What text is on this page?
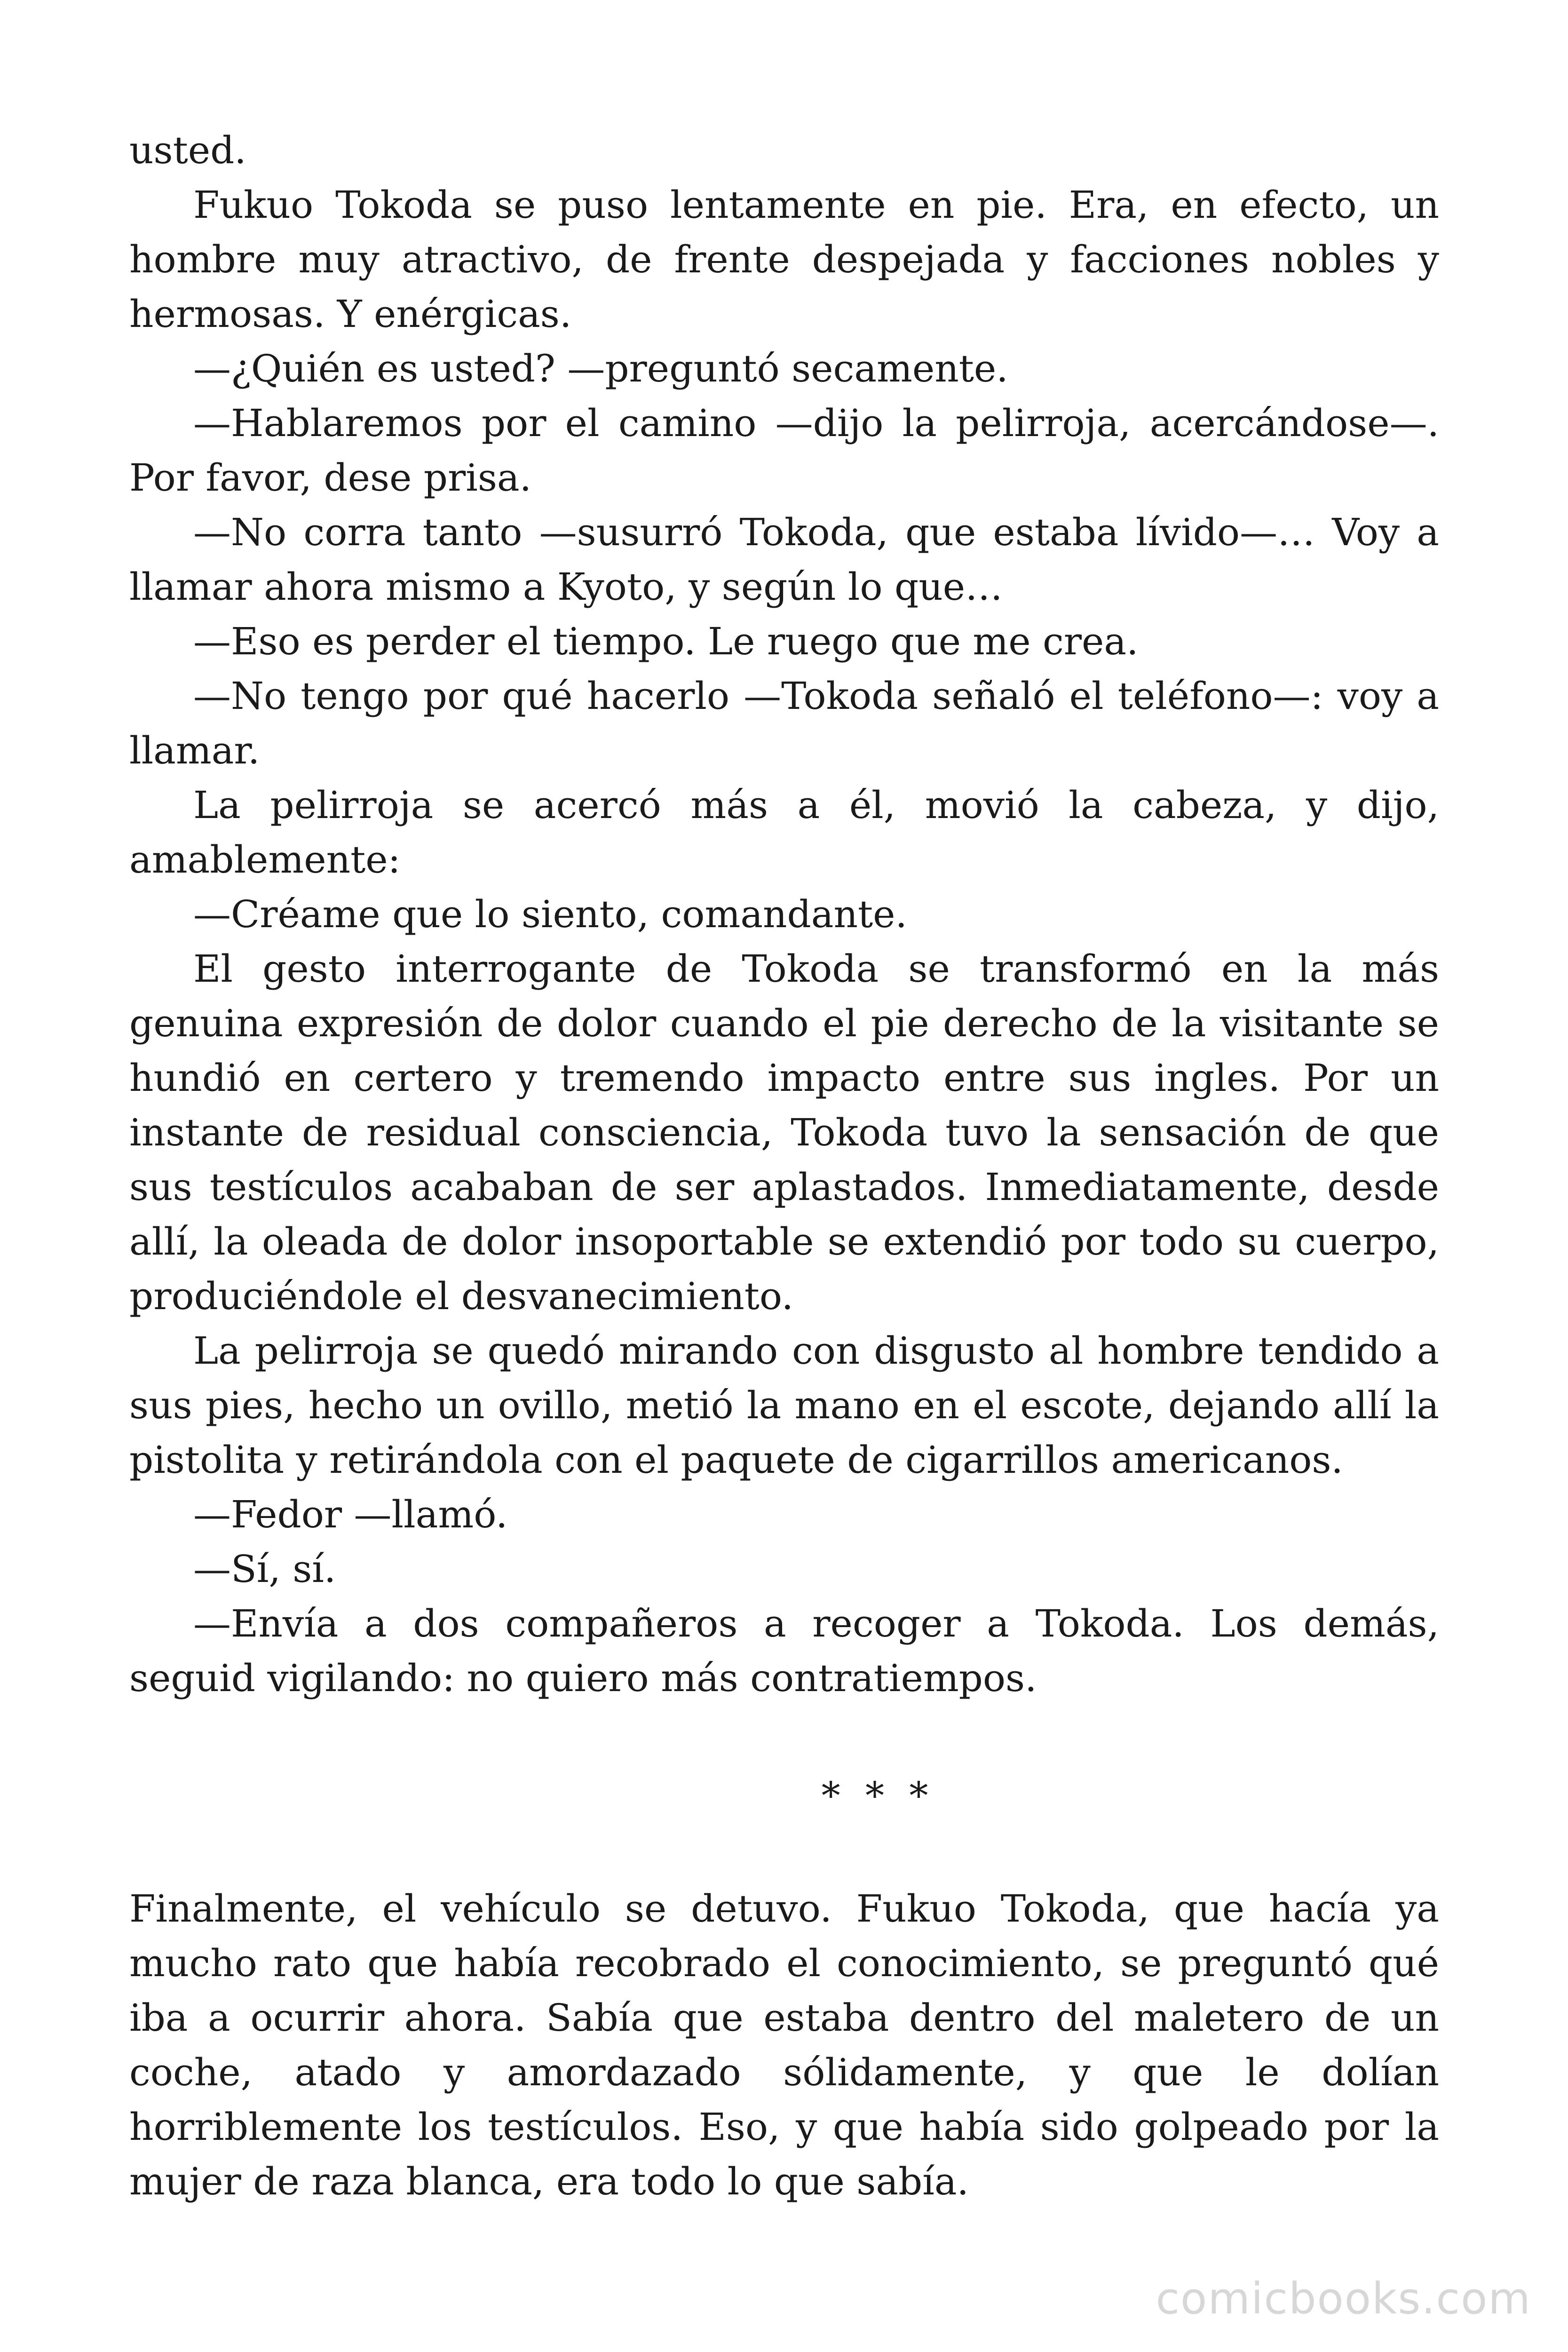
usted.

Fukuo Tokoda se puso lentamente en pie. Era, en efecto, un hombre muy atractivo, de frente despejada y facciones nobles y hermosas. Y enérgicas.

—¿Quién es usted? —preguntó secamente.

—Hablaremos por el camino —dijo la pelirroja, acercándose—. Por favor, dese prisa.

—No corra tanto —susurró Tokoda, que estaba lívido—… Voy a llamar ahora mismo a Kyoto, y según lo que…

—Eso es perder el tiempo. Le ruego que me crea.

—No tengo por qué hacerlo —Tokoda señaló el teléfono—: voy a llamar.

La pelirroja se acercó más a él, movió la cabeza, y dijo, amablemente:

—Créame que lo siento, comandante.

El gesto interrogante de Tokoda se transformó en la más genuina expresión de dolor cuando el pie derecho de la visitante se hundió en certero y tremendo impacto entre sus ingles. Por un instante de residual consciencia, Tokoda tuvo la sensación de que sus testículos acababan de ser aplastados. Inmediatamente, desde allí, la oleada de dolor insoportable se extendió por todo su cuerpo, produciéndole el desvanecimiento.

La pelirroja se quedó mirando con disgusto al hombre tendido a sus pies, hecho un ovillo, metió la mano en el escote, dejando allí la pistolita y retirándola con el paquete de cigarrillos americanos.

—Fedor —llamó.

—Sí, sí.

—Envía a dos compañeros a recoger a Tokoda. Los demás, seguid vigilando: no quiero más contratiempos.

* * *

Finalmente, el vehículo se detuvo. Fukuo Tokoda, que hacía ya mucho rato que había recobrado el conocimiento, se preguntó qué iba a ocurrir ahora. Sabía que estaba dentro del maletero de un coche, atado y amordazado sólidamente, y que le dolían horriblemente los testículos. Eso, y que había sido golpeado por la mujer de raza blanca, era todo lo que sabía.

comicbooks.com
